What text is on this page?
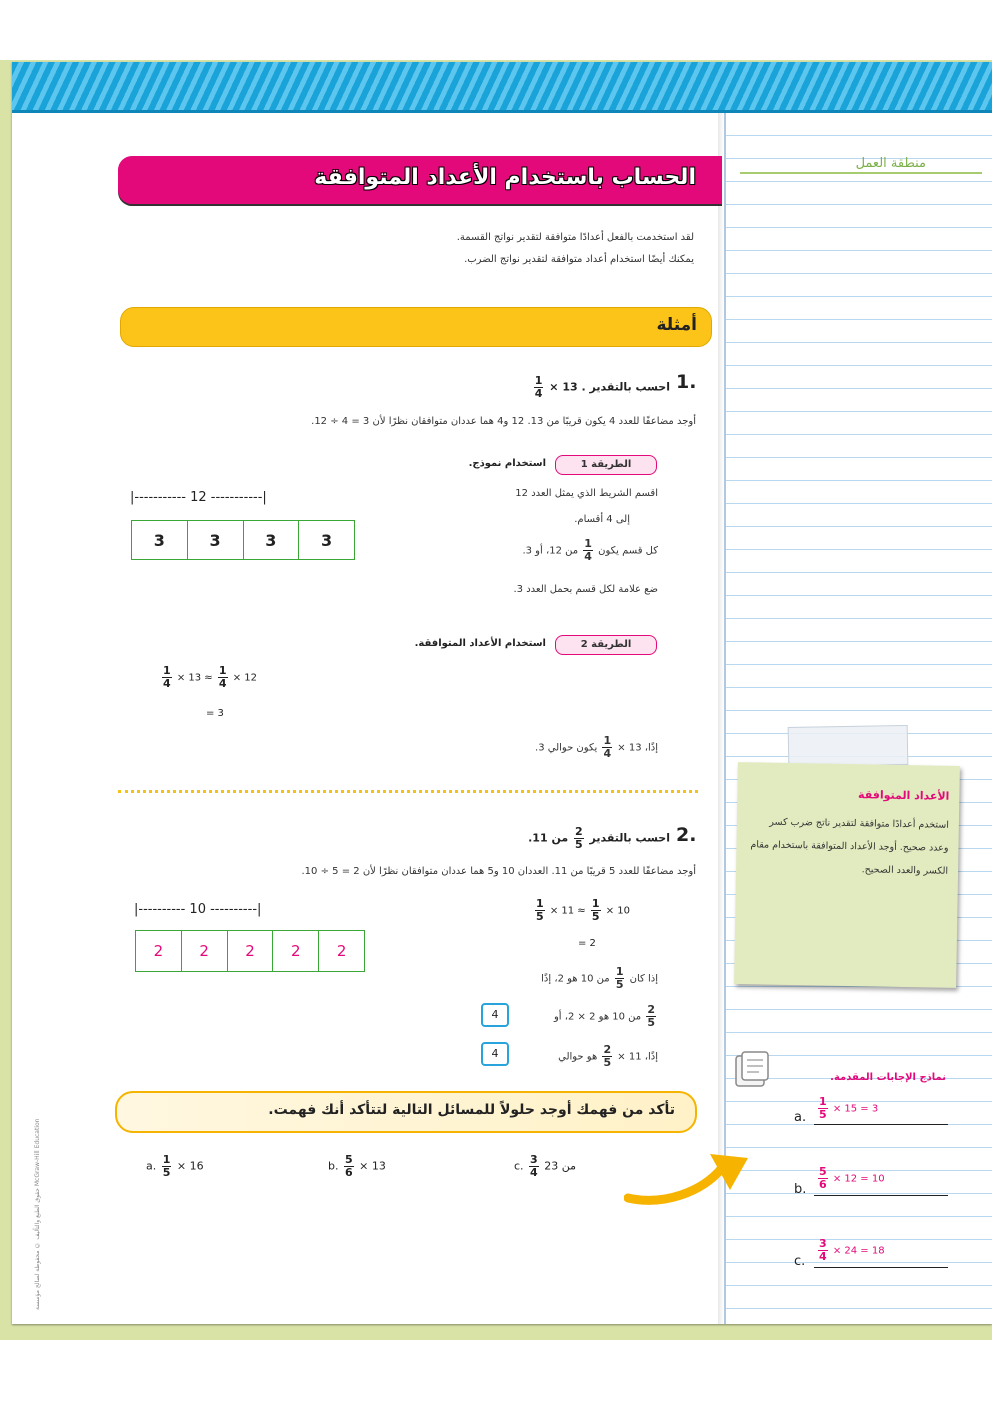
منطقة العمل
الحساب باستخدام الأعداد المتوافقة
لقد استخدمت بالفعل أعدادًا متوافقة لتقدير نواتج القسمة.
يمكنك أيضًا استخدام أعداد متوافقة لتقدير نواتج الضرب.
أمثلة
1.
احسب بالتقدير × 13 .
$\frac{1}{4}$
أوجد مضاعفًا للعدد 4 يكون قريبًا من 13. 12 و4 هما عددان متوافقان نظرًا لأن 3 = 4 ÷ 12.
الطريقة 1
استخدام نموذج.
|----------- 12 -----------|
3	3	3	3
اقسم الشريط الذي يمثل العدد 12
إلى 4 أقسام.
كل قسم يكون
$\frac{1}{4}$
من 12، أو 3.
ضع علامة لكل قسم بحمل العدد 3.
الطريقة 2
استخدام الأعداد المتوافقة.
$\frac{1}{4} \times 13 \approx \frac{1}{4} \times 12$
= 3
إذًا، 13 ×
$\frac{1}{4}$
يكون حوالي 3.
2.
احسب بالتقدير
$\frac{2}{5}$
من 11.
أوجد مضاعفًا للعدد 5 قريبًا من 11. العددان 10 و5 هما عددان متوافقان نظرًا لأن 2 = 5 ÷ 10.
|---------- 10 ----------|
2	2	2	2	2
$\frac{1}{5} \times 11 \approx \frac{1}{5} \times 10$
= 2
إذا كان
$\frac{1}{5}$
من 10 هو 2، إذًا
$\frac{2}{5}$
من 10 هو 2 × 2، أو
4
إذًا، 11 ×
$\frac{2}{5}$
هو حوالي
4
تأكد من فهمك أوجد حلولاً للمسائل التالية لتتأكد أنك فهمت.
a. $\frac{1}{5} \times 16$	b. $\frac{5}{6} \times 13$	c. $\frac{3}{4}$ من 23
الأعداد المتوافقة
استخدم أعدادًا متوافقة لتقدير ناتج ضرب كسر وعدد صحيح. أوجد الأعداد المتوافقة باستخدام مقام الكسر والعدد الصحيح.
نماذج الإجابات المقدمة.
a. $\frac{1}{5} \times 15 = 3$
b. $\frac{5}{6} \times 12 = 10$
c. $\frac{3}{4} \times 24 = 18$
حقوق الطبع والتأليف © محفوظة لصالح مؤسسة McGraw-Hill Education
